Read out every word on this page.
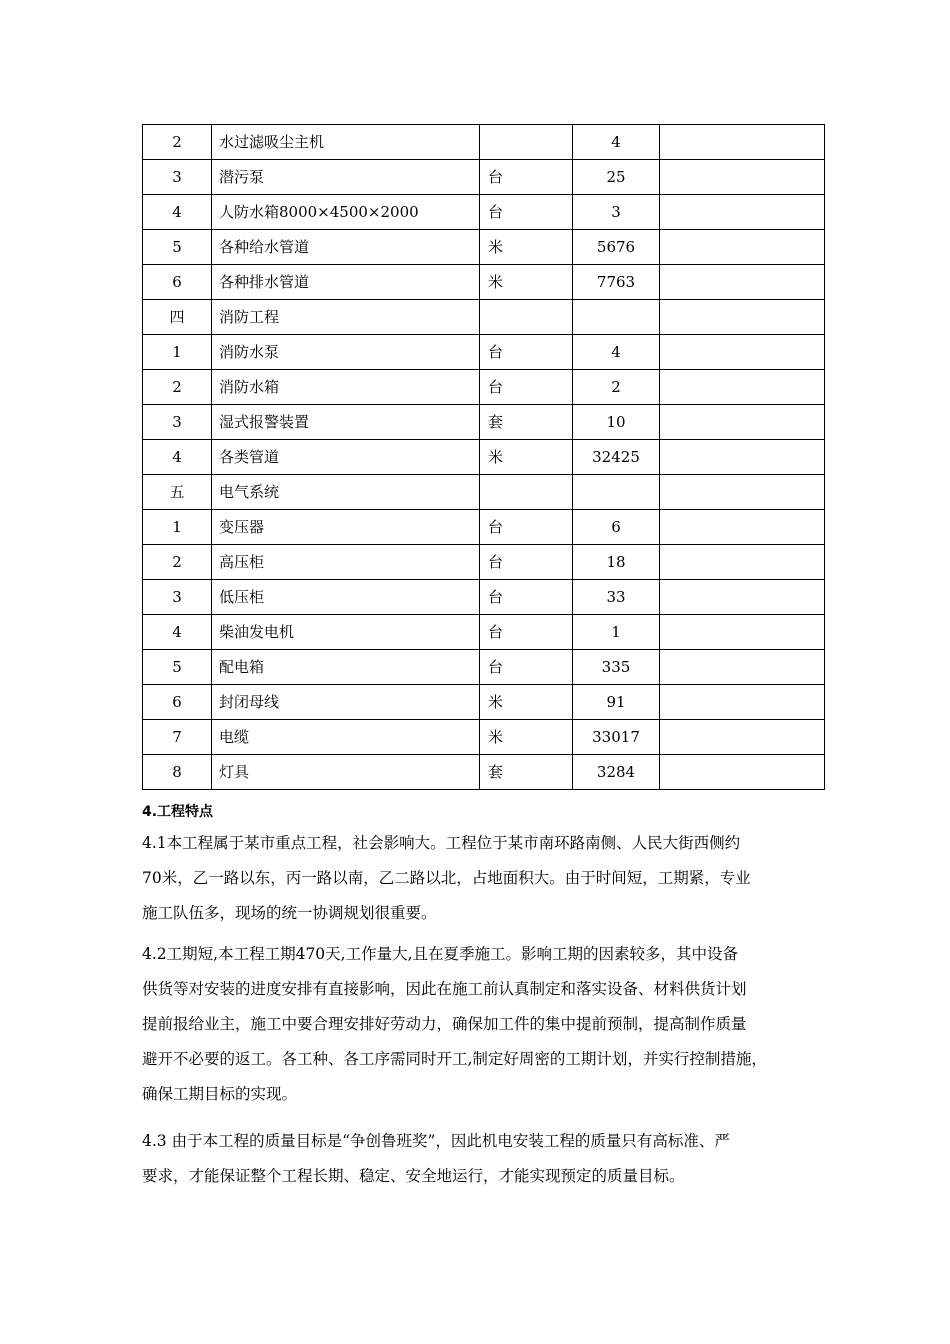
2	水过滤吸尘主机		4	
3	潜污泵	台	25	
4	人防水箱8000×4500×2000	台	3	
5	各种给水管道	米	5676	
6	各种排水管道	米	7763	
四	消防工程			
1	消防水泵	台	4	
2	消防水箱	台	2	
3	湿式报警装置	套	10	
4	各类管道	米	32425	
五	电气系统			
1	变压器	台	6	
2	高压柜	台	18	
3	低压柜	台	33	
4	柴油发电机	台	1	
5	配电箱	台	335	
6	封闭母线	米	91	
7	电缆	米	33017	
8	灯具	套	3284	
4.工程特点
4.1本工程属于某市重点工程，社会影响大。工程位于某市南环路南侧、人民大街西侧约
70米，乙一路以东，丙一路以南，乙二路以北，占地面积大。由于时间短，工期紧，专业
施工队伍多，现场的统一协调规划很重要。
4.2工期短,本工程工期470天,工作量大,且在夏季施工。影响工期的因素较多，其中设备
供货等对安装的进度安排有直接影响，因此在施工前认真制定和落实设备、材料供货计划
提前报给业主，施工中要合理安排好劳动力，确保加工件的集中提前预制，提高制作质量
避开不必要的返工。各工种、各工序需同时开工,制定好周密的工期计划，并实行控制措施，
确保工期目标的实现。
4.3 由于本工程的质量目标是“争创鲁班奖”，因此机电安装工程的质量只有高标准、严
要求，才能保证整个工程长期、稳定、安全地运行，才能实现预定的质量目标。
